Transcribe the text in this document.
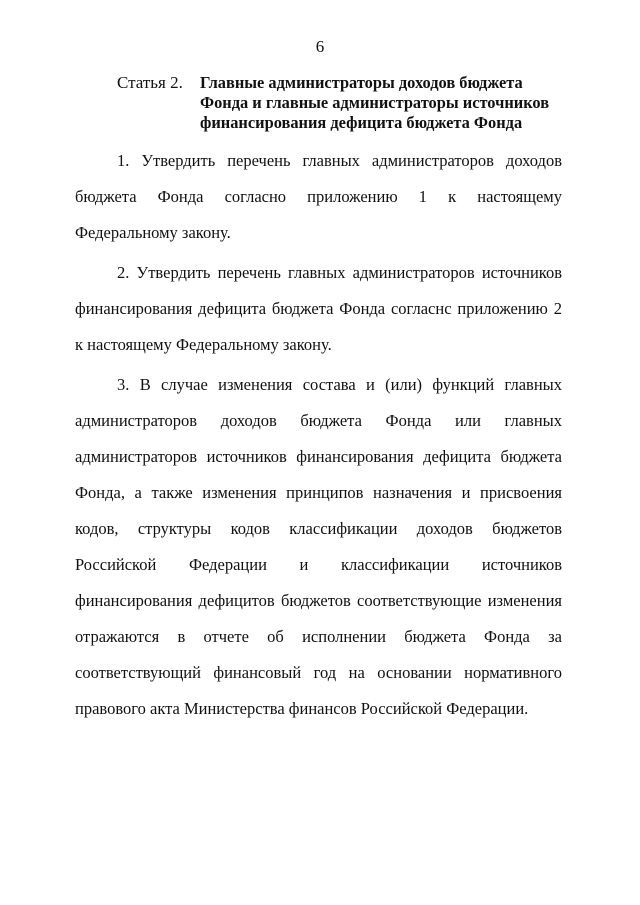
6
Статья 2. Главные администраторы доходов бюджета Фонда и главные администраторы источников финансирования дефицита бюджета Фонда
1. Утвердить перечень главных администраторов доходов бюджета Фонда согласно приложению 1 к настоящему Федеральному закону.
2. Утвердить перечень главных администраторов источников финансирования дефицита бюджета Фонда согласнс приложению 2 к настоящему Федеральному закону.
3. В случае изменения состава и (или) функций главных администраторов доходов бюджета Фонда или главных администраторов источников финансирования дефицита бюджета Фонда, а также изменения принципов назначения и присвоения кодов, структуры кодов классификации доходов бюджетов Российской Федерации и классификации источников финансирования дефицитов бюджетов соответствующие изменения отражаются в отчете об исполнении бюджета Фонда за соответствующий финансовый год на основании нормативного правового акта Министерства финансов Российской Федерации.
